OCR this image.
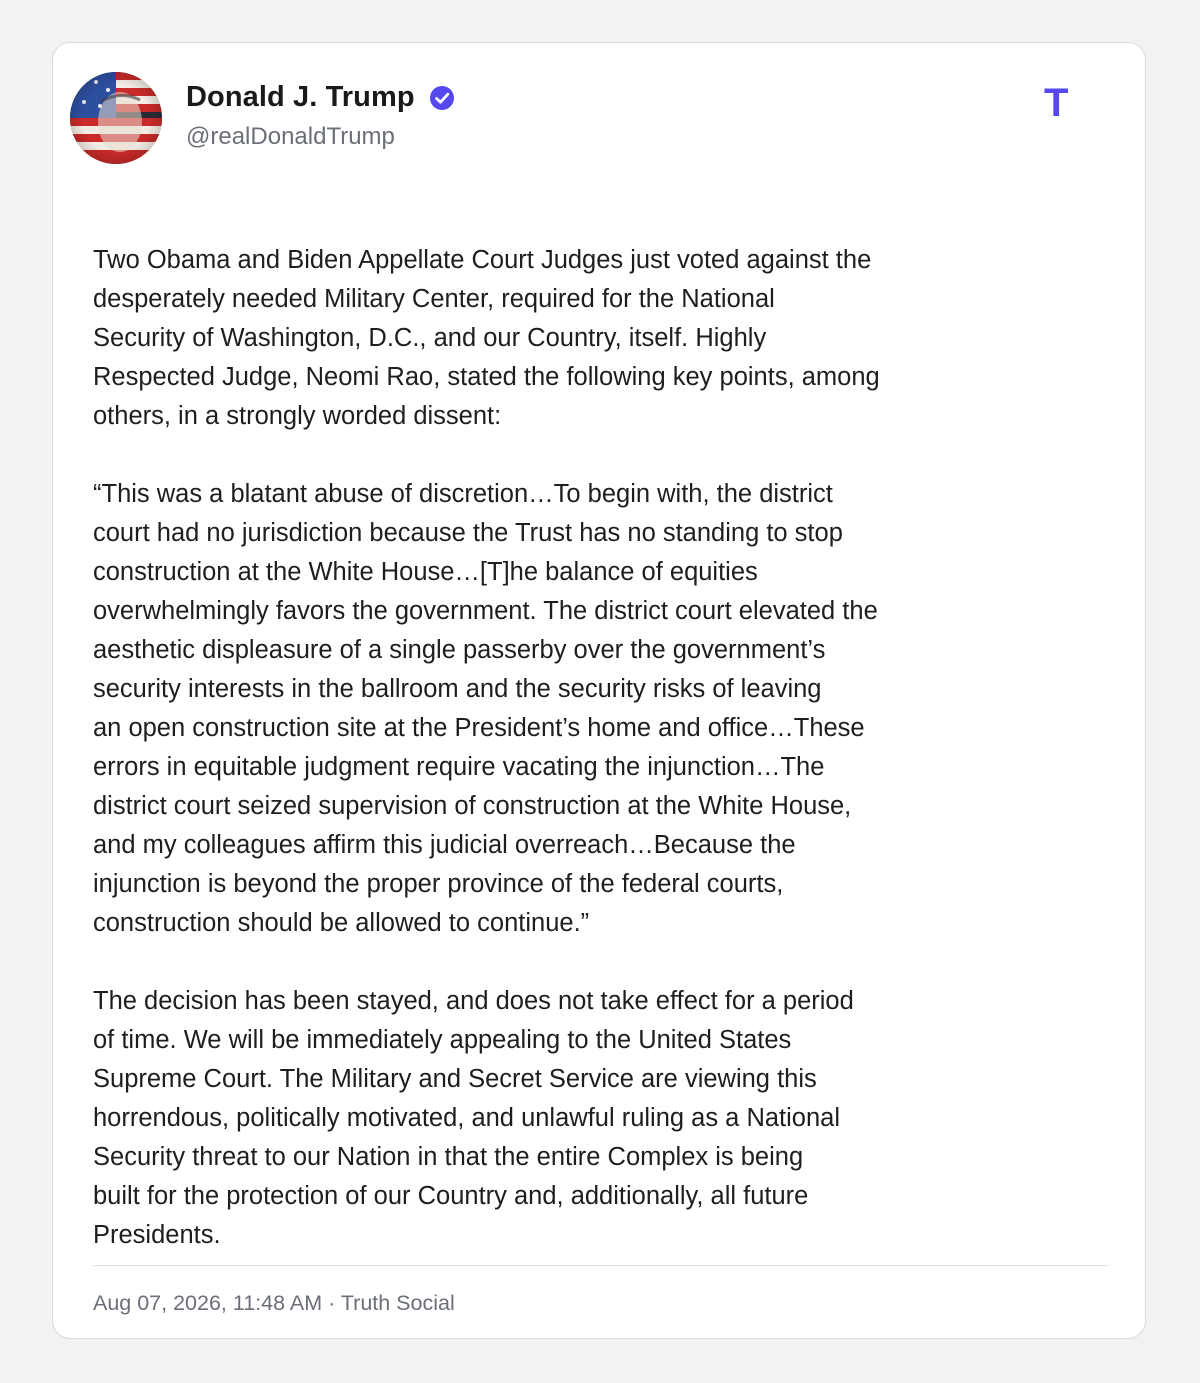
Donald J. Trump
@realDonaldTrump
T

Two Obama and Biden Appellate Court Judges just voted against the
desperately needed Military Center, required for the National
Security of Washington, D.C., and our Country, itself. Highly
Respected Judge, Neomi Rao, stated the following key points, among
others, in a strongly worded dissent:

“This was a blatant abuse of discretion…To begin with, the district
court had no jurisdiction because the Trust has no standing to stop
construction at the White House…[T]he balance of equities
overwhelmingly favors the government. The district court elevated the
aesthetic displeasure of a single passerby over the government’s
security interests in the ballroom and the security risks of leaving
an open construction site at the President’s home and office…These
errors in equitable judgment require vacating the injunction…The
district court seized supervision of construction at the White House,
and my colleagues affirm this judicial overreach…Because the
injunction is beyond the proper province of the federal courts,
construction should be allowed to continue.”

The decision has been stayed, and does not take effect for a period
of time. We will be immediately appealing to the United States
Supreme Court. The Military and Secret Service are viewing this
horrendous, politically motivated, and unlawful ruling as a National
Security threat to our Nation in that the entire Complex is being
built for the protection of our Country and, additionally, all future
Presidents.

Aug 07, 2026, 11:48 AM · Truth Social
